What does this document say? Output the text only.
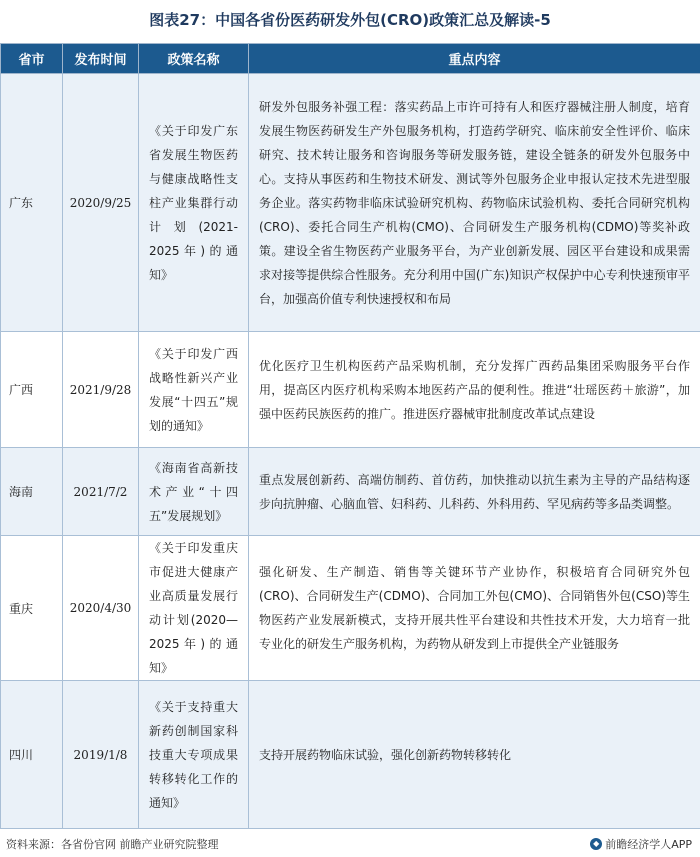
图表27：中国各省份医药研发外包(CRO)政策汇总及解读-5
省市	发布时间	政策名称	重点内容
广东	2020/9/25	《关于印发广东省发展生物医药与健康战略性支柱产业集群行动计划(2021-2025年)的通知》	研发外包服务补强工程：落实药品上市许可持有人和医疗器械注册人制度，培育发展生物医药研发生产外包服务机构，打造药学研究、临床前安全性评价、临床研究、技术转让服务和咨询服务等研发服务链，建设全链条的研发外包服务中心。支持从事医药和生物技术研发、测试等外包服务企业申报认定技术先进型服务企业。落实药物非临床试验研究机构、药物临床试验机构、委托合同研究机构(CRO)、委托合同生产机构(CMO)、合同研发生产服务机构(CDMO)等奖补政策。建设全省生物医药产业服务平台，为产业创新发展、园区平台建设和成果需求对接等提供综合性服务。充分利用中国(广东)知识产权保护中心专利快速预审平台，加强高价值专利快速授权和布局
广西	2021/9/28	《关于印发广西战略性新兴产业发展“十四五”规划的通知》	优化医疗卫生机构医药产品采购机制，充分发挥广西药品集团采购服务平台作用，提高区内医疗机构采购本地医药产品的便利性。推进“壮瑶医药＋旅游”，加强中医药民族医药的推广。推进医疗器械审批制度改革试点建设
海南	2021/7/2	《海南省高新技术产业“十四五”发展规划》	重点发展创新药、高端仿制药、首仿药，加快推动以抗生素为主导的产品结构逐步向抗肿瘤、心脑血管、妇科药、儿科药、外科用药、罕见病药等多品类调整。
重庆	2020/4/30	《关于印发重庆市促进大健康产业高质量发展行动计划(2020—2025年)的通知》	强化研发、生产制造、销售等关键环节产业协作，积极培育合同研究外包(CRO)、合同研发生产(CDMO)、合同加工外包(CMO)、合同销售外包(CSO)等生物医药产业发展新模式，支持开展共性平台建设和共性技术开发，大力培育一批专业化的研发生产服务机构，为药物从研发到上市提供全产业链服务
四川	2019/1/8	《关于支持重大新药创制国家科技重大专项成果转移转化工作的通知》	支持开展药物临床试验，强化创新药物转移转化
资料来源：各省份官网 前瞻产业研究院整理	◆ 前瞻经济学人APP
